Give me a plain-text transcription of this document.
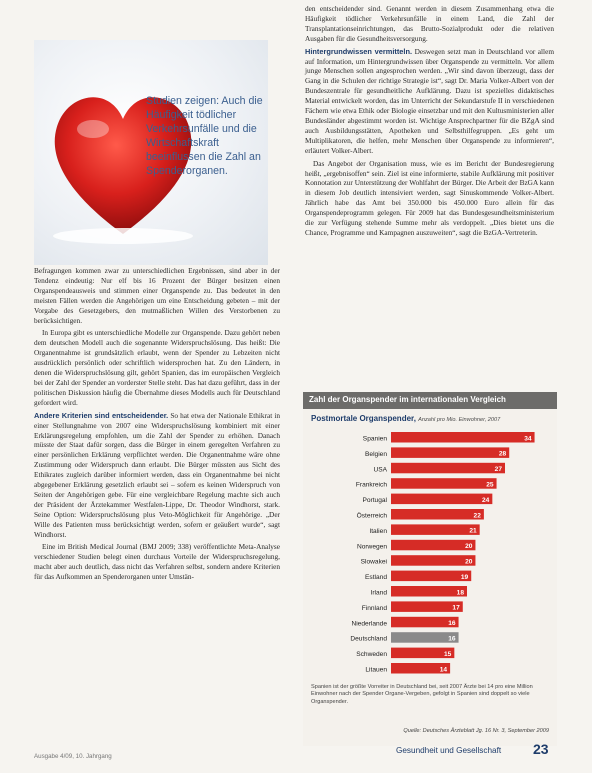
Studien zeigen: Auch die Häufigkeit tödlicher Verkehrsunfälle und die Wirtschaftskraft beeinflussen die Zahl an Spenderorganen.

Befragungen kommen zwar zu unterschiedlichen Ergebnissen, sind aber in der Tendenz eindeutig: Nur elf bis 16 Prozent der Bürger besitzen einen Organspendeausweis und stimmen einer Organspende zu. Das bedeutet in den meisten Fällen werden die Angehörigen um eine Entscheidung gebeten – mit der Vorgabe des Gesetzgebers, den mutmaßlichen Willen des Verstorbenen zu berücksichtigen.

In Europa gibt es unterschiedliche Modelle zur Organspende. Dazu gehört neben dem deutschen Modell auch die sogenannte Widerspruchslösung. Das heißt: Die Organentnahme ist grundsätzlich erlaubt, wenn der Spender zu Lebzeiten nicht ausdrücklich persönlich oder schriftlich widersprochen hat. Zu den Ländern, in denen die Widerspruchslösung gilt, gehört Spanien, das im europäischen Vergleich bei der Zahl der Spender an vorderster Stelle steht. Das hat dazu geführt, dass in der politischen Diskussion häufig die Übernahme dieses Modells auch für Deutschland gefordert wird.

Andere Kriterien sind entscheidender. So hat etwa der Nationale Ethikrat in einer Stellungnahme von 2007 eine Widerspruchslösung kombiniert mit einer Erklärungsregelung empfohlen, um die Zahl der Spender zu erhöhen. Danach müsste der Staat dafür sorgen, dass die Bürger in einem geregelten Verfahren zu einer persönlichen Erklärung verpflichtet werden. Die Organentnahme wäre ohne Zustimmung oder Widerspruch dann erlaubt. Die Bürger müssten aus Sicht des Ethikrates zugleich darüber informiert werden, dass ein Organentnahme bei nicht abgegebener Erklärung gesetzlich erlaubt sei – sofern es keinen Widerspruch von Seiten der Angehörigen gebe. Für eine vergleichbare Regelung machte sich auch der Präsident der Ärztekammer Westfalen-Lippe, Dr. Theodor Windhorst, stark. Seine Option: Widerspruchslösung plus Veto-Möglichkeit für Angehörige. „Der Wille des Patienten muss berücksichtigt werden, sofern er geäußert wurde“, sagt Windhorst.

Eine im British Medical Journal (BMJ 2009; 338) veröffentlichte Meta-Analyse verschiedener Studien belegt einen durchaus Vorteile der Widerspruchsregelung, macht aber auch deutlich, dass nicht das Verfahren selbst, sondern andere Kriterien für das Aufkommen an Spenderorganen unter Umstän-

den entscheidender sind. Genannt werden in diesem Zusammenhang etwa die Häufigkeit tödlicher Verkehrsunfälle in einem Land, die Zahl der Transplantationseinrichtungen, das Brutto-Sozialprodukt oder die relativen Ausgaben für die Gesundheitsversorgung.

Hintergrundwissen vermitteln. Deswegen setzt man in Deutschland vor allem auf Information, um Hintergrundwissen über Organspende zu vermitteln. Vor allem junge Menschen sollen angesprochen werden. „Wir sind davon überzeugt, dass der Gang in die Schulen der richtige Strategie ist“, sagt Dr. Maria Volker-Albert von der Bundeszentrale für gesundheitliche Aufklärung. Dazu ist spezielles didaktisches Material entwickelt worden, das im Unterricht der Sekundarstufe II in verschiedenen Fächern wie etwa Ethik oder Biologie einsetzbar und mit den Kultusministerien aller Bundesländer abgestimmt worden ist. Wichtige Ansprechpartner für die BZgA sind auch Ausbildungsstätten, Apotheken und Selbsthilfegruppen. „Es geht um Multiplikatoren, die helfen, mehr Menschen über Organspende zu informieren“, erläutert Volker-Albert.

Das Angebot der Organisation muss, wie es im Bericht der Bundesregierung heißt, „ergebnisoffen“ sein. Ziel ist eine informierte, stabile Aufklärung mit positiver Konnotation zur Unterstützung der Wohlfahrt der Bürger. Die Arbeit der BzGA kann in diesem Job deutlich intensiviert werden, sagt Sinuskommende Volker-Albert. Jährlich habe das Amt bei 350.000 bis 450.000 Euro allein für das Organspendeprogramm gelegen. Für 2009 hat das Bundesgesundheitsministerium die zur Verfügung stehende Summe mehr als verdoppelt. „Dies bietet uns die Chance, Programme und Kampagnen auszuweiten“, sagt die BzGA-Vertreterin.

Zahl der Organspender im internationalen Vergleich
Postmortale Organspender, Anzahl pro Mio. Einwohner, 2007
Spanien	34
Belgien	28
USA	27
Frankreich	25
Portugal	24
Österreich	22
Italien	21
Norwegen	20
Slowakei	20
Estland	19
Irland	18
Finnland	17
Niederlande	16
Deutschland	16
Schweden	15
Litauen	14
Spanien ist der größte Vorreiter in Deutschland bei, seit 2007 Ärzte bei 14 pro eine Million Einwohner nach der Spender Organe-Vergeben, gefolgt in Spanien sind doppelt so viele Organspender.
Quelle: Deutsches Ärzteblatt Jg. 16 Nr. 3, September 2009
Ausgabe 4/09, 10. Jahrgang
Gesundheit und Gesellschaft 23
